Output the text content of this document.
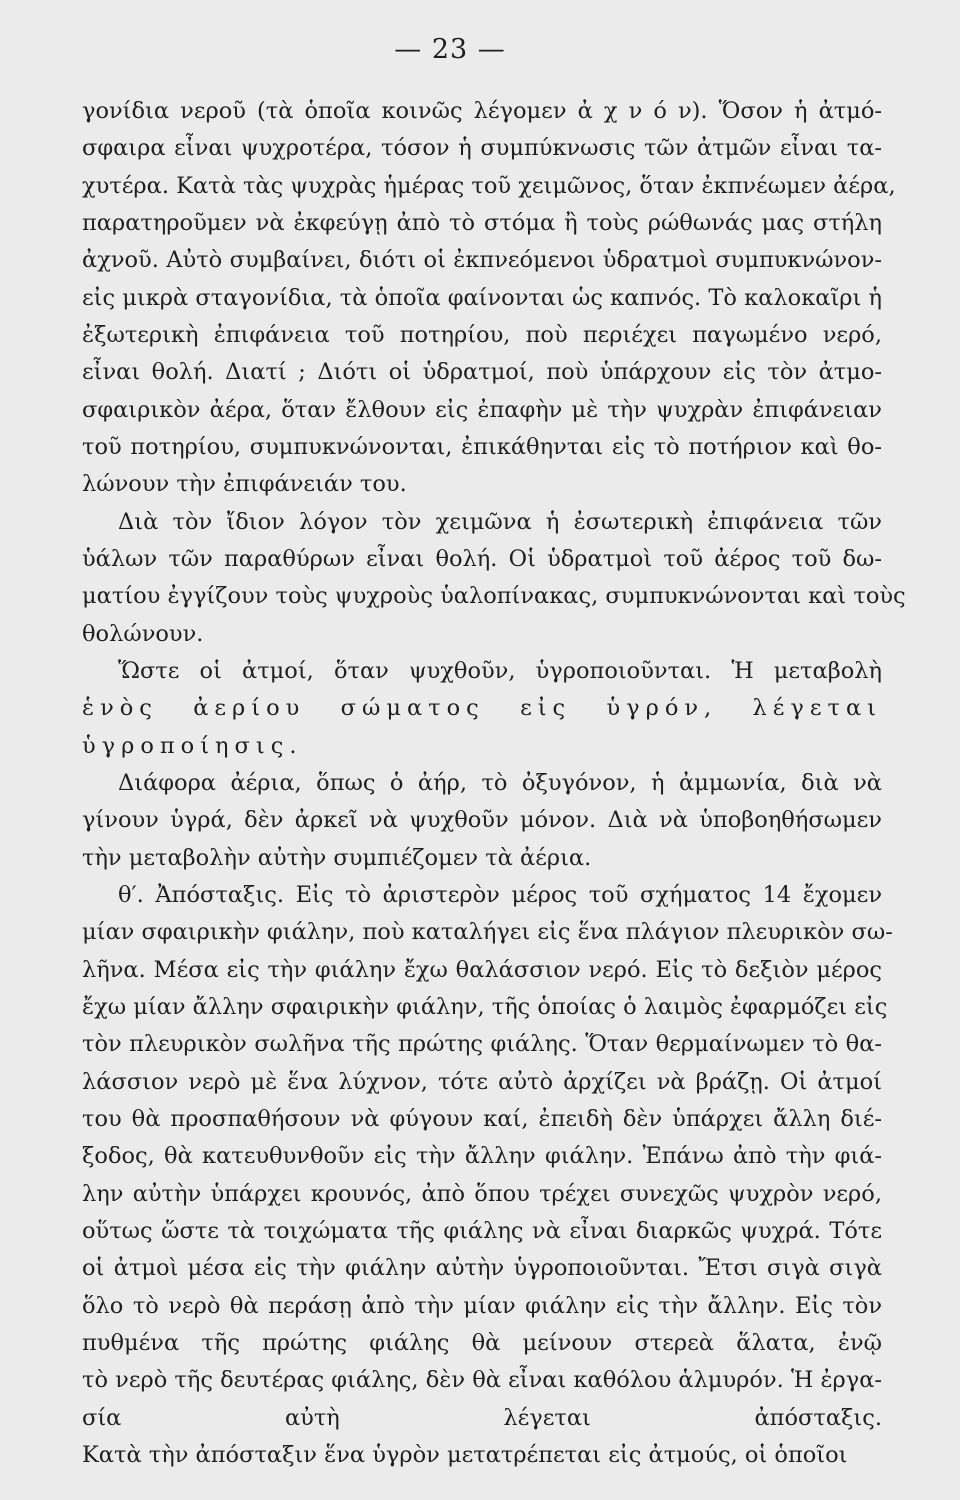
— 23 —
γονίδια νεροῦ (τὰ ὁποῖα κοινῶς λέγομεν ἀ χ ν ό ν). Ὅσον ἡ ἀτμό-
σφαιρα εἶναι ψυχροτέρα, τόσον ἡ συμπύκνωσις τῶν ἀτμῶν εἶναι τα-
χυτέρα. Κατὰ τὰς ψυχρὰς ἡμέρας τοῦ χειμῶνος, ὅταν ἐκπνέωμεν ἀέρα,
παρατηροῦμεν νὰ ἐκφεύγῃ ἀπὸ τὸ στόμα ἢ τοὺς ρώθωνάς μας στήλη
ἀχνοῦ. Αὐτὸ συμβαίνει, διότι οἱ ἐκπνεόμενοι ὑδρατμοὶ συμπυκνώνον-
εἰς μικρὰ σταγονίδια, τὰ ὁποῖα φαίνονται ὡς καπνός. Τὸ καλοκαῖρι ἡ
ἐξωτερικὴ ἐπιφάνεια τοῦ ποτηρίου, ποὺ περιέχει παγωμένο νερό,
εἶναι θολή. Διατί ; Διότι οἱ ὑδρατμοί, ποὺ ὑπάρχουν εἰς τὸν ἀτμο-
σφαιρικὸν ἀέρα, ὅταν ἔλθουν εἰς ἐπαφὴν μὲ τὴν ψυχρὰν ἐπιφάνειαν
τοῦ ποτηρίου, συμπυκνώνονται, ἐπικάθηνται εἰς τὸ ποτήριον καὶ θο-
λώνουν τὴν ἐπιφάνειάν του.
Διὰ τὸν ἴδιον λόγον τὸν χειμῶνα ἡ ἐσωτερικὴ ἐπιφάνεια τῶν
ὑάλων τῶν παραθύρων εἶναι θολή. Οἱ ὑδρατμοὶ τοῦ ἀέρος τοῦ δω-
ματίου ἐγγίζουν τοὺς ψυχροὺς ὑαλοπίνακας, συμπυκνώνονται καὶ τοὺς
θολώνουν.
Ὥστε οἱ ἀτμοί, ὅταν ψυχθοῦν, ὑγροποιοῦνται. Ἡ μεταβολὴ
ἑνὸς ἀερίου σώματος εἰς ὑγρόν, λέγεται
ὑγροποίησις.
Διάφορα ἀέρια, ὅπως ὁ ἀήρ, τὸ ὀξυγόνον, ἡ ἀμμωνία, διὰ νὰ
γίνουν ὑγρά, δὲν ἀρκεῖ νὰ ψυχθοῦν μόνον. Διὰ νὰ ὑποβοηθήσωμεν
τὴν μεταβολὴν αὐτὴν συμπιέζομεν τὰ ἀέρια.
θ′. Ἀπόσταξις. Εἰς τὸ ἀριστερὸν μέρος τοῦ σχήματος 14 ἔχομεν
μίαν σφαιρικὴν φιάλην, ποὺ καταλήγει εἰς ἕνα πλάγιον πλευρικὸν σω-
λῆνα. Μέσα εἰς τὴν φιάλην ἔχω θαλάσσιον νερό. Εἰς τὸ δεξιὸν μέρος
ἔχω μίαν ἄλλην σφαιρικὴν φιάλην, τῆς ὁποίας ὁ λαιμὸς ἐφαρμόζει εἰς
τὸν πλευρικὸν σωλῆνα τῆς πρώτης φιάλης. Ὅταν θερμαίνωμεν τὸ θα-
λάσσιον νερὸ μὲ ἕνα λύχνον, τότε αὐτὸ ἀρχίζει νὰ βράζῃ. Οἱ ἀτμοί
του θὰ προσπαθήσουν νὰ φύγουν καί, ἐπειδὴ δὲν ὑπάρχει ἄλλη διέ-
ξοδος, θὰ κατευθυνθοῦν εἰς τὴν ἄλλην φιάλην. Ἐπάνω ἀπὸ τὴν φιά-
λην αὐτὴν ὑπάρχει κρουνός, ἀπὸ ὅπου τρέχει συνεχῶς ψυχρὸν νερό,
οὕτως ὥστε τὰ τοιχώματα τῆς φιάλης νὰ εἶναι διαρκῶς ψυχρά. Τότε
οἱ ἀτμοὶ μέσα εἰς τὴν φιάλην αὐτὴν ὑγροποιοῦνται. Ἔτσι σιγὰ σιγὰ
ὅλο τὸ νερὸ θὰ περάσῃ ἀπὸ τὴν μίαν φιάλην εἰς τὴν ἄλλην. Εἰς τὸν
πυθμένα τῆς πρώτης φιάλης θὰ μείνουν στερεὰ ἅλατα, ἐνῷ
τὸ νερὸ τῆς δευτέρας φιάλης, δὲν θὰ εἶναι καθόλου ἁλμυρόν. Ἡ ἐργα-
σία αὐτὴ λέγεται ἀπόσταξις.
Κατὰ τὴν ἀπόσταξιν ἕνα ὑγρὸν μετατρέπεται εἰς ἀτμούς, οἱ ὁποῖοι
